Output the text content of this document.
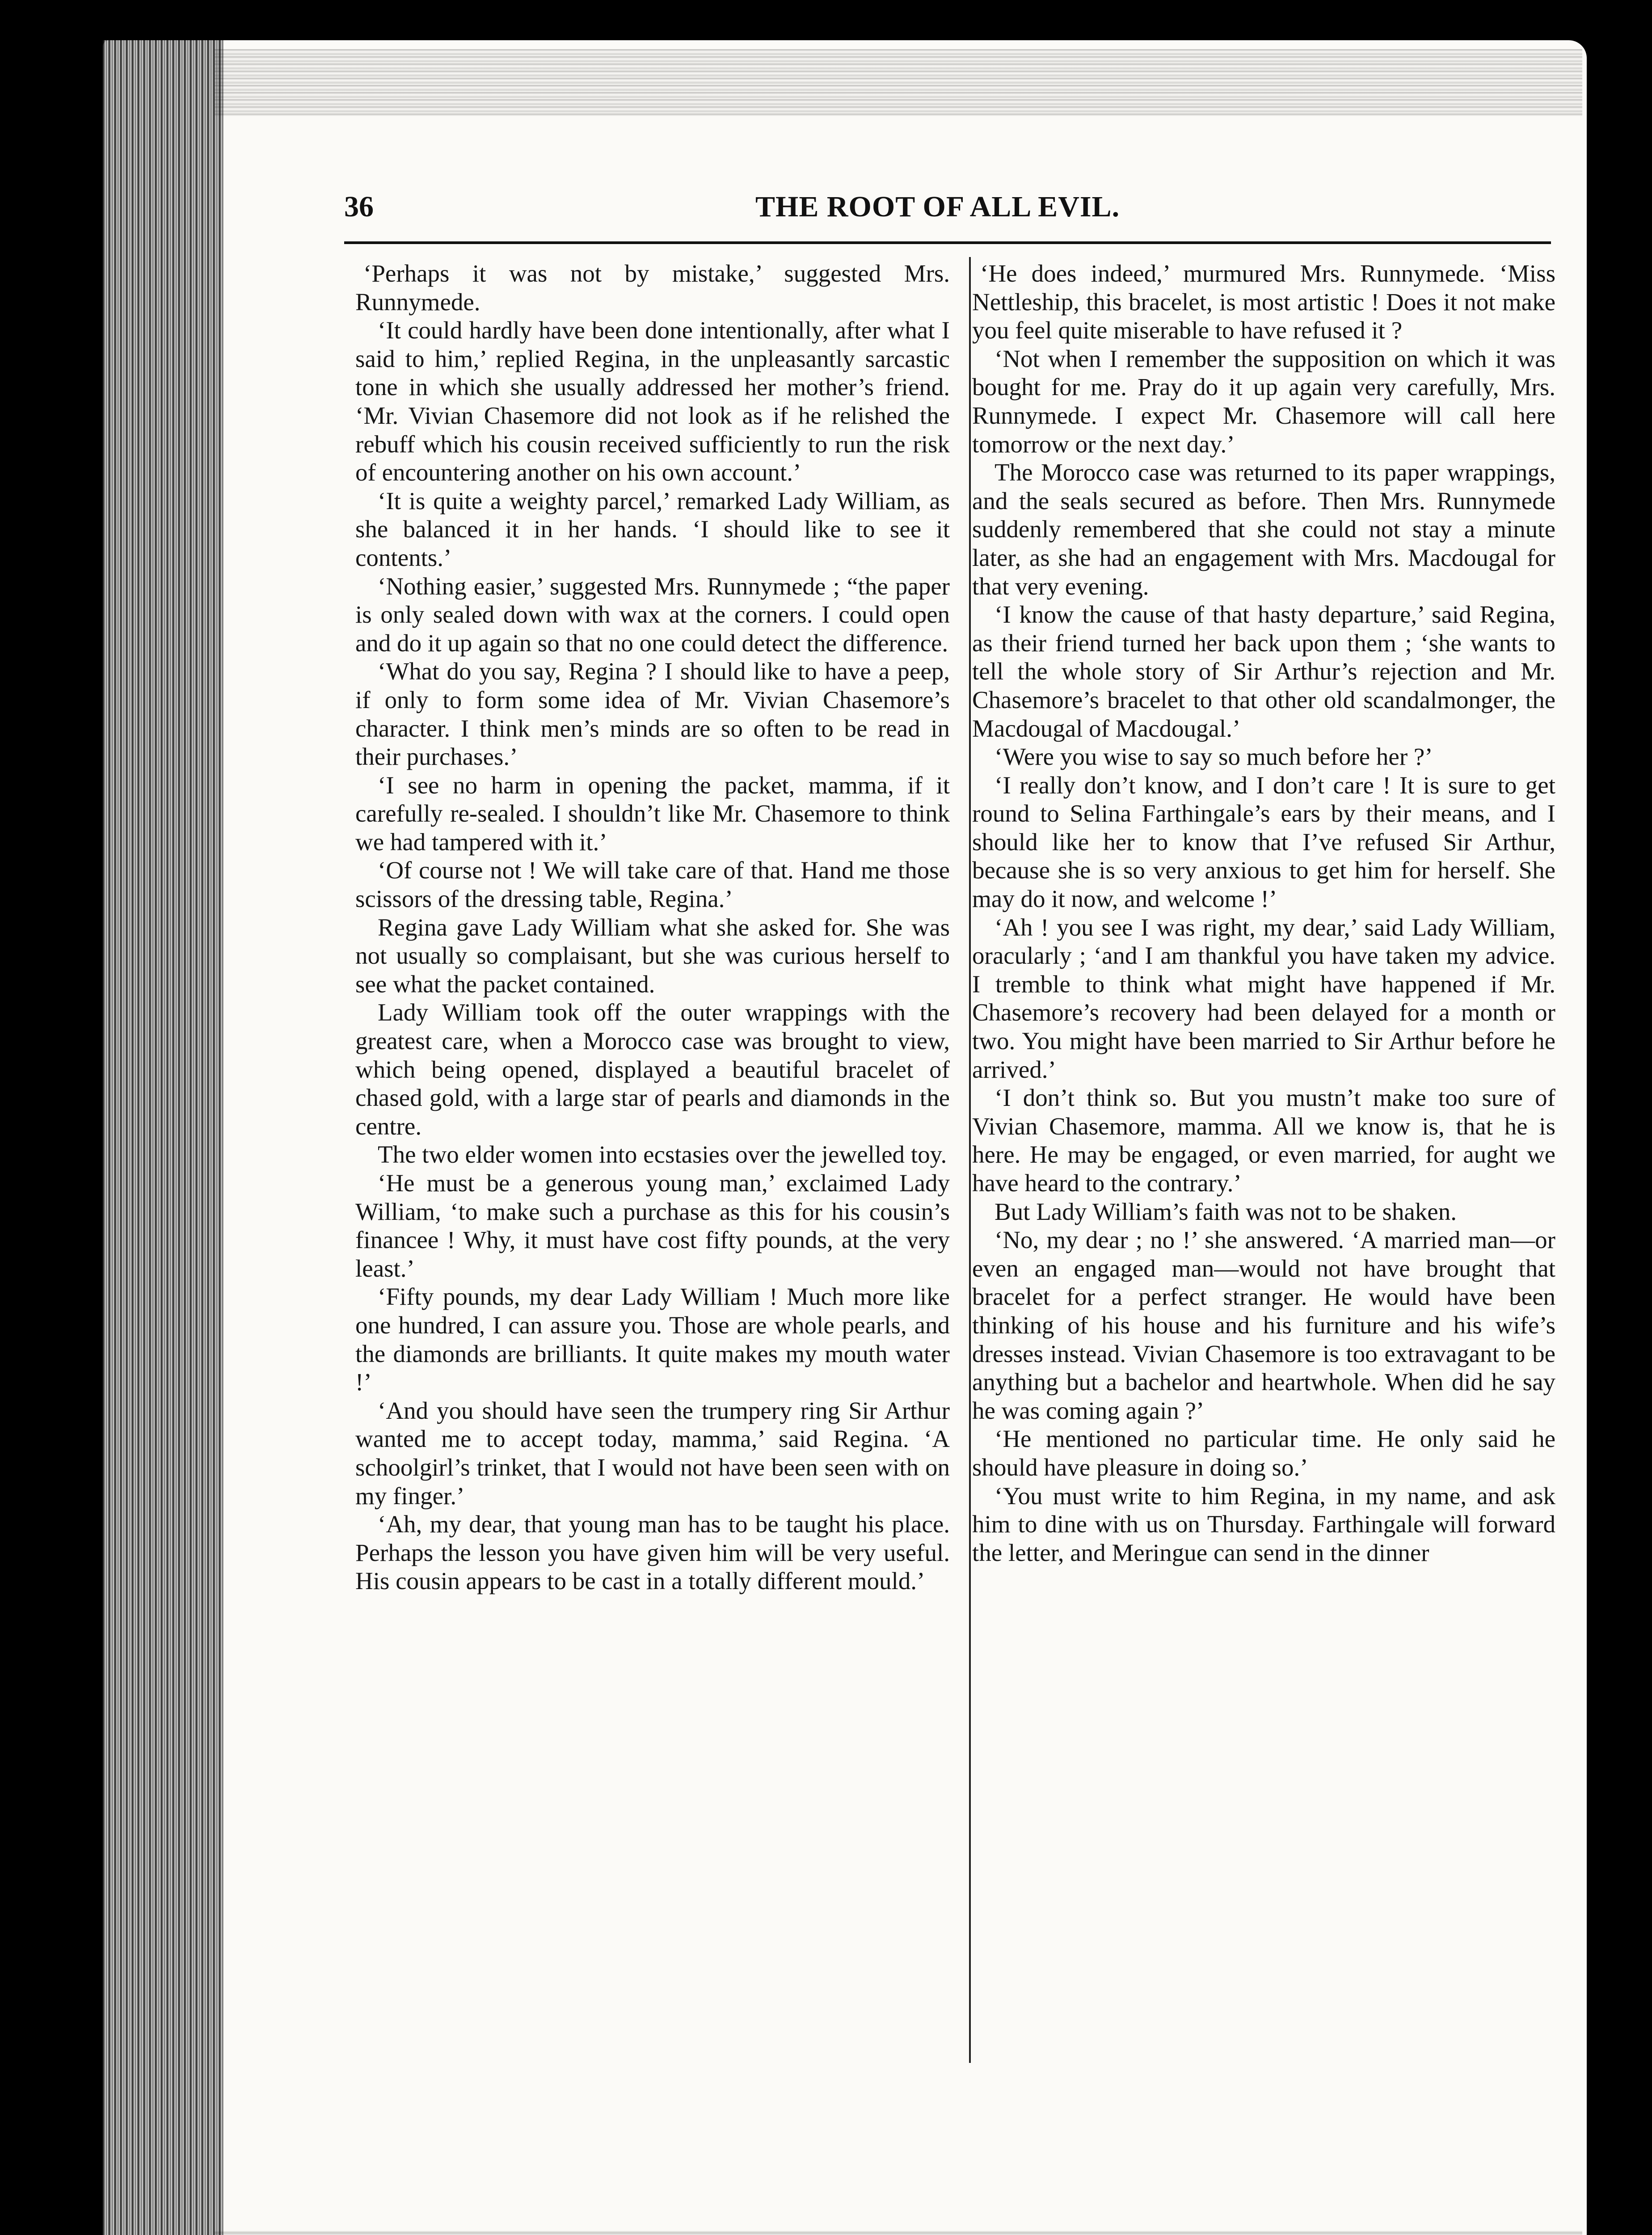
36	THE ROOT OF ALL EVIL.

‘Perhaps it was not by mistake,’ suggested Mrs. Runnymede.

‘It could hardly have been done intentionally, after what I said to him,’ replied Regina, in the unpleasantly sarcastic tone in which she usually addressed her mother’s friend. ‘Mr. Vivian Chasemore did not look as if he relished the rebuff which his cousin received sufficiently to run the risk of encountering another on his own account.’

‘It is quite a weighty parcel,’ remarked Lady William, as she balanced it in her hands. ‘I should like to see it contents.’

‘Nothing easier,’ suggested Mrs. Runnymede ; “the paper is only sealed down with wax at the corners. I could open and do it up again so that no one could detect the difference.

‘What do you say, Regina ? I should like to have a peep, if only to form some idea of Mr. Vivian Chasemore’s character. I think men’s minds are so often to be read in their purchases.’

‘I see no harm in opening the packet, mamma, if it carefully re-sealed. I shouldn’t like Mr. Chasemore to think we had tampered with it.’

‘Of course not ! We will take care of that. Hand me those scissors of the dressing table, Regina.’

Regina gave Lady William what she asked for. She was not usually so complaisant, but she was curious herself to see what the packet contained.

Lady William took off the outer wrappings with the greatest care, when a Morocco case was brought to view, which being opened, displayed a beautiful bracelet of chased gold, with a large star of pearls and diamonds in the centre.

The two elder women into ecstasies over the jewelled toy.

‘He must be a generous young man,’ exclaimed Lady William, ‘to make such a purchase as this for his cousin’s financee ! Why, it must have cost fifty pounds, at the very least.’

‘Fifty pounds, my dear Lady William ! Much more like one hundred, I can assure you. Those are whole pearls, and the diamonds are brilliants. It quite makes my mouth water !’

‘And you should have seen the trumpery ring Sir Arthur wanted me to accept today, mamma,’ said Regina. ‘A schoolgirl’s trinket, that I would not have been seen with on my finger.’

‘Ah, my dear, that young man has to be taught his place. Perhaps the lesson you have given him will be very useful. His cousin appears to be cast in a totally different mould.’

‘He does indeed,’ murmured Mrs. Runnymede. ‘Miss Nettleship, this bracelet, is most artistic ! Does it not make you feel quite miserable to have refused it ?

‘Not when I remember the supposition on which it was bought for me. Pray do it up again very carefully, Mrs. Runnymede. I expect Mr. Chasemore will call here tomorrow or the next day.’

The Morocco case was returned to its paper wrappings, and the seals secured as before. Then Mrs. Runnymede suddenly remembered that she could not stay a minute later, as she had an engagement with Mrs. Macdougal for that very evening.

‘I know the cause of that hasty departure,’ said Regina, as their friend turned her back upon them ; ‘she wants to tell the whole story of Sir Arthur’s rejection and Mr. Chasemore’s bracelet to that other old scandalmonger, the Macdougal of Macdougal.’

‘Were you wise to say so much before her ?’

‘I really don’t know, and I don’t care ! It is sure to get round to Selina Farthingale’s ears by their means, and I should like her to know that I’ve refused Sir Arthur, because she is so very anxious to get him for herself. She may do it now, and welcome !’

‘Ah ! you see I was right, my dear,’ said Lady William, oracularly ; ‘and I am thankful you have taken my advice. I tremble to think what might have happened if Mr. Chasemore’s recovery had been delayed for a month or two. You might have been married to Sir Arthur before he arrived.’

‘I don’t think so. But you mustn’t make too sure of Vivian Chasemore, mamma. All we know is, that he is here. He may be engaged, or even married, for aught we have heard to the contrary.’

But Lady William’s faith was not to be shaken.

‘No, my dear ; no !’ she answered. ‘A married man—or even an engaged man—would not have brought that bracelet for a perfect stranger. He would have been thinking of his house and his furniture and his wife’s dresses instead. Vivian Chasemore is too extravagant to be anything but a bachelor and heartwhole. When did he say he was coming again ?’

‘He mentioned no particular time. He only said he should have pleasure in doing so.’

‘You must write to him Regina, in my name, and ask him to dine with us on Thursday. Farthingale will forward the letter, and Meringue can send in the dinner
